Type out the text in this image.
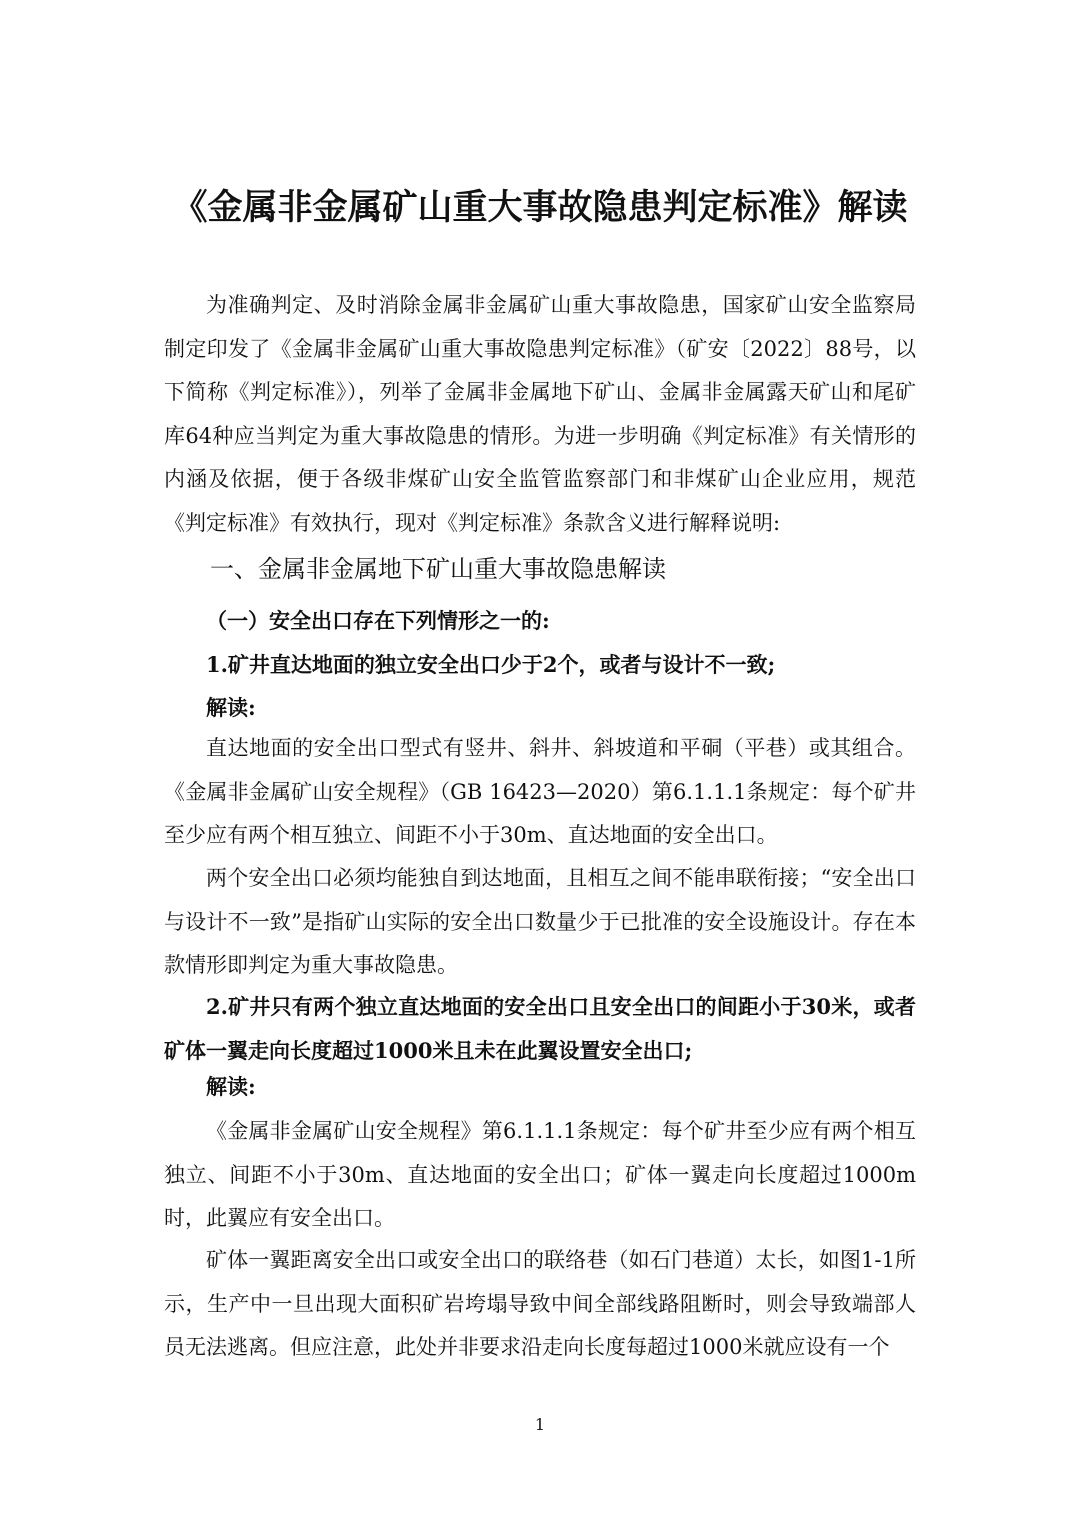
《金属非金属矿山重大事故隐患判定标准》解读

为准确判定、及时消除金属非金属矿山重大事故隐患，国家矿山安全监察局制定印发了《金属非金属矿山重大事故隐患判定标准》（矿安〔2022〕88号，以下简称《判定标准》），列举了金属非金属地下矿山、金属非金属露天矿山和尾矿库64种应当判定为重大事故隐患的情形。为进一步明确《判定标准》有关情形的内涵及依据，便于各级非煤矿山安全监管监察部门和非煤矿山企业应用，规范《判定标准》有效执行，现对《判定标准》条款含义进行解释说明:

一、金属非金属地下矿山重大事故隐患解读
（一）安全出口存在下列情形之一的:
1.矿井直达地面的独立安全出口少于2个，或者与设计不一致;
解读:

直达地面的安全出口型式有竖井、斜井、斜坡道和平硐（平巷）或其组合。《金属非金属矿山安全规程》（GB 16423—2020）第6.1.1.1条规定：每个矿井至少应有两个相互独立、间距不小于30m、直达地面的安全出口。

两个安全出口必须均能独自到达地面，且相互之间不能串联衔接；“安全出口与设计不一致”是指矿山实际的安全出口数量少于已批准的安全设施设计。存在本款情形即判定为重大事故隐患。

2.矿井只有两个独立直达地面的安全出口且安全出口的间距小于30米，或者矿体一翼走向长度超过1000米且未在此翼设置安全出口;

解读:

《金属非金属矿山安全规程》第6.1.1.1条规定：每个矿井至少应有两个相互独立、间距不小于30m、直达地面的安全出口；矿体一翼走向长度超过1000m时，此翼应有安全出口。

矿体一翼距离安全出口或安全出口的联络巷（如石门巷道）太长，如图1-1所示，生产中一旦出现大面积矿岩垮塌导致中间全部线路阻断时，则会导致端部人员无法逃离。但应注意，此处并非要求沿走向长度每超过1000米就应设有一个

1
